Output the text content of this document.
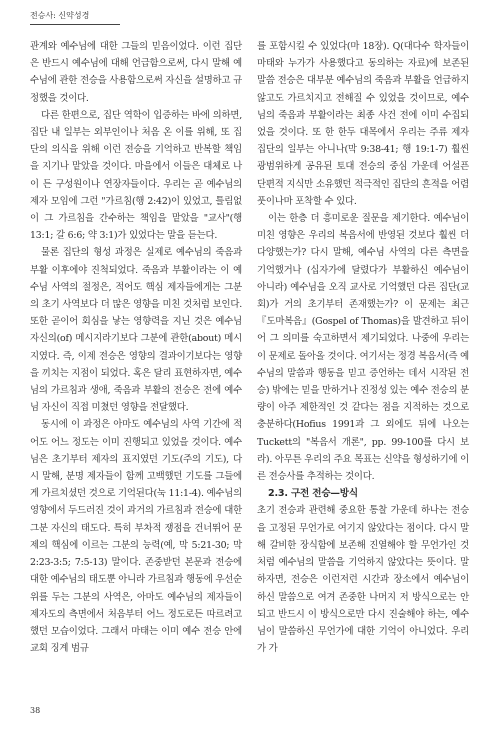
전승사: 신약성경

관계와 예수님에 대한 그들의 믿음이었다. 이런 집단은 반드시 예수님에 대해 언급함으로써, 다시 말해 예수님에 관한 전승을 사용함으로써 자신을 설명하고 규정했을 것이다.

다른 한편으로, 집단 역학이 입증하는 바에 의하면, 집단 내 일부는 외부인이나 처음 온 이를 위해, 또 집단의 의식을 위해 이런 전승을 기억하고 반복할 책임을 지기나 맡았을 것이다. 마을에서 이들은 대체로 나이 든 구성원이나 연장자들이다. 우리는 곧 예수님의 제자 모임에 그런 "가르침(행 2:42)이 있었고, 틀림없이 그 가르침을 간수하는 책임을 맡았을 "교사"(행 13:1; 갈 6:6; 약 3:1)가 있었다는 말을 듣는다.

물론 집단의 형성 과정은 실제로 예수님의 죽음과 부활 이후에야 진척되었다. 죽음과 부활이라는 이 예수님 사역의 절정은, 적어도 핵심 제자들에게는 그분의 초기 사역보다 더 많은 영향을 미친 것처럼 보인다. 또한 곧이어 회심을 낳는 영향력을 지닌 것은 예수님 자신의(of) 메시지라기보다 그분에 관한(about) 메시지였다. 즉, 이제 전승은 영향의 결과이기보다는 영향을 끼치는 지점이 되었다. 혹은 달리 표현하자면, 예수님의 가르침과 생애, 죽음과 부활의 전승은 전에 예수님 자신이 직접 미쳤던 영향을 전달했다.

동시에 이 과정은 아마도 예수님의 사역 기간에 적어도 어느 정도는 이미 진행되고 있었을 것이다. 예수님은 초기부터 제자의 표지였던 기도(주의 기도), 다시 말해, 분명 제자들이 함께 고백했던 기도를 그들에게 가르치셨던 것으로 기억된다(눅 11:1-4). 예수님의 영향에서 두드러진 것이 과거의 가르침과 전승에 대한 그분 자신의 태도다. 특히 부차적 쟁점을 건너뛰어 문제의 핵심에 이르는 그분의 능력(예, 막 5:21-30; 막 2:23-3:5; 7:5-13) 말이다. 존중받던 본문과 전승에 대한 예수님의 태도뿐 아니라 가르침과 행동에 우선순위를 두는 그분의 사역은, 아마도 예수님의 제자들이 제자도의 측면에서 처음부터 어느 정도로든 따르려고 했던 모습이었다. 그래서 마태는 이미 예수 전승 안에 교회 징계 범규

를 포함시킬 수 있었다(마 18장). Q(대다수 학자들이 마태와 누가가 사용했다고 동의하는 자료)에 보존된 말씀 전승은 대부분 예수님의 죽음과 부활을 언급하지 않고도 가르치지고 전해질 수 있었을 것이므로, 예수님의 죽음과 부활이라는 최종 사건 전에 이미 수집되었을 것이다. 또 한 한두 대목에서 우리는 주류 제자 집단의 일부는 아니나(막 9:38-41; 행 19:1-7) 훨씬 광범위하게 공유된 토대 전승의 중심 가운데 어설픈 단편적 지식만 소유했던 적극적인 집단의 흔적을 어렴풋이나마 포착할 수 있다.

이는 한층 더 흥미로운 질문을 제기한다. 예수님이 미친 영향은 우리의 복음서에 반영된 것보다 훨씬 더 다양했는가? 다시 말해, 예수님 사역의 다른 측면을 기억했거나 (십자가에 달렸다가 부활하신 예수님이 아니라) 예수님을 오직 교사로 기억했던 다른 집단(교회)가 거의 초기부터 존재했는가? 이 문제는 최근 『도마복음』(Gospel of Thomas)을 발견하고 뒤이어 그 의미를 숙고하면서 제기되었다. 나중에 우리는 이 문제로 돌아올 것이다. 여기서는 정경 복음서(즉 예수님의 말씀과 행동을 믿고 증언하는 데서 시작된 전승) 밖에는 믿을 만하거나 진정성 있는 예수 전승의 분량이 아주 제한적인 것 같다는 점을 지적하는 것으로 충분하다(Hofius 1991과 그 외에도 뒤에 나오는 Tuckett의 "복음서 개론", pp. 99-100를 다시 보라). 아무튼 우리의 주요 목표는 신약을 형성하기에 이른 전승사를 추적하는 것이다.

2.3. 구전 전승—방식

초기 전승과 관련해 중요한 통찰 가운데 하나는 전승을 고정된 무언가로 여기지 않았다는 점이다. 다시 말해 갈비한 장식함에 보존해 진열해야 할 무언가인 것처럼 예수님의 말씀을 기억하지 않았다는 뜻이다. 말하자면, 전승은 이런저런 시간과 장소에서 예수님이 하신 말씀으로 여겨 존중한 나머지 저 방식으로는 안 되고 반드시 이 방식으로만 다시 진술해야 하는, 예수님이 말씀하신 무언가에 대한 기억이 아니었다. 우리가 가

38
